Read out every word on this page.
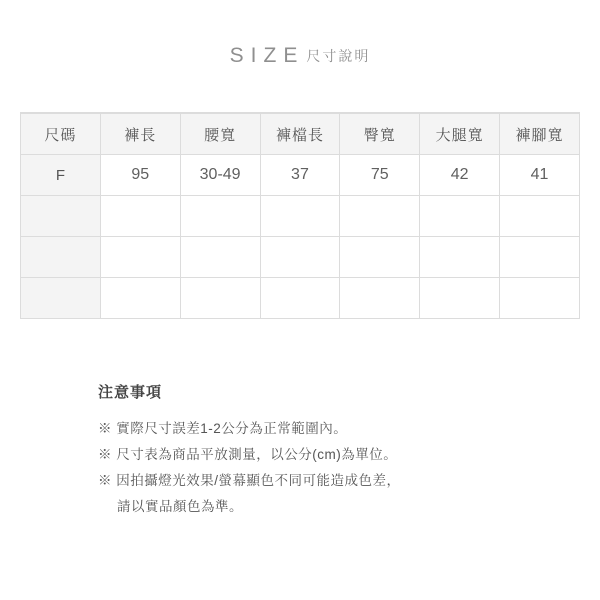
SIZE 尺寸說明
尺碼	褲長	腰寬	褲檔長	臀寬	大腿寬	褲腳寬
F	95	30-49	37	75	42	41

注意事項
※ 實際尺寸誤差1-2公分為正常範圍內。
※ 尺寸表為商品平放測量，以公分(cm)為單位。
※ 因拍攝燈光效果/螢幕顯色不同可能造成色差，
請以實品顏色為準。
